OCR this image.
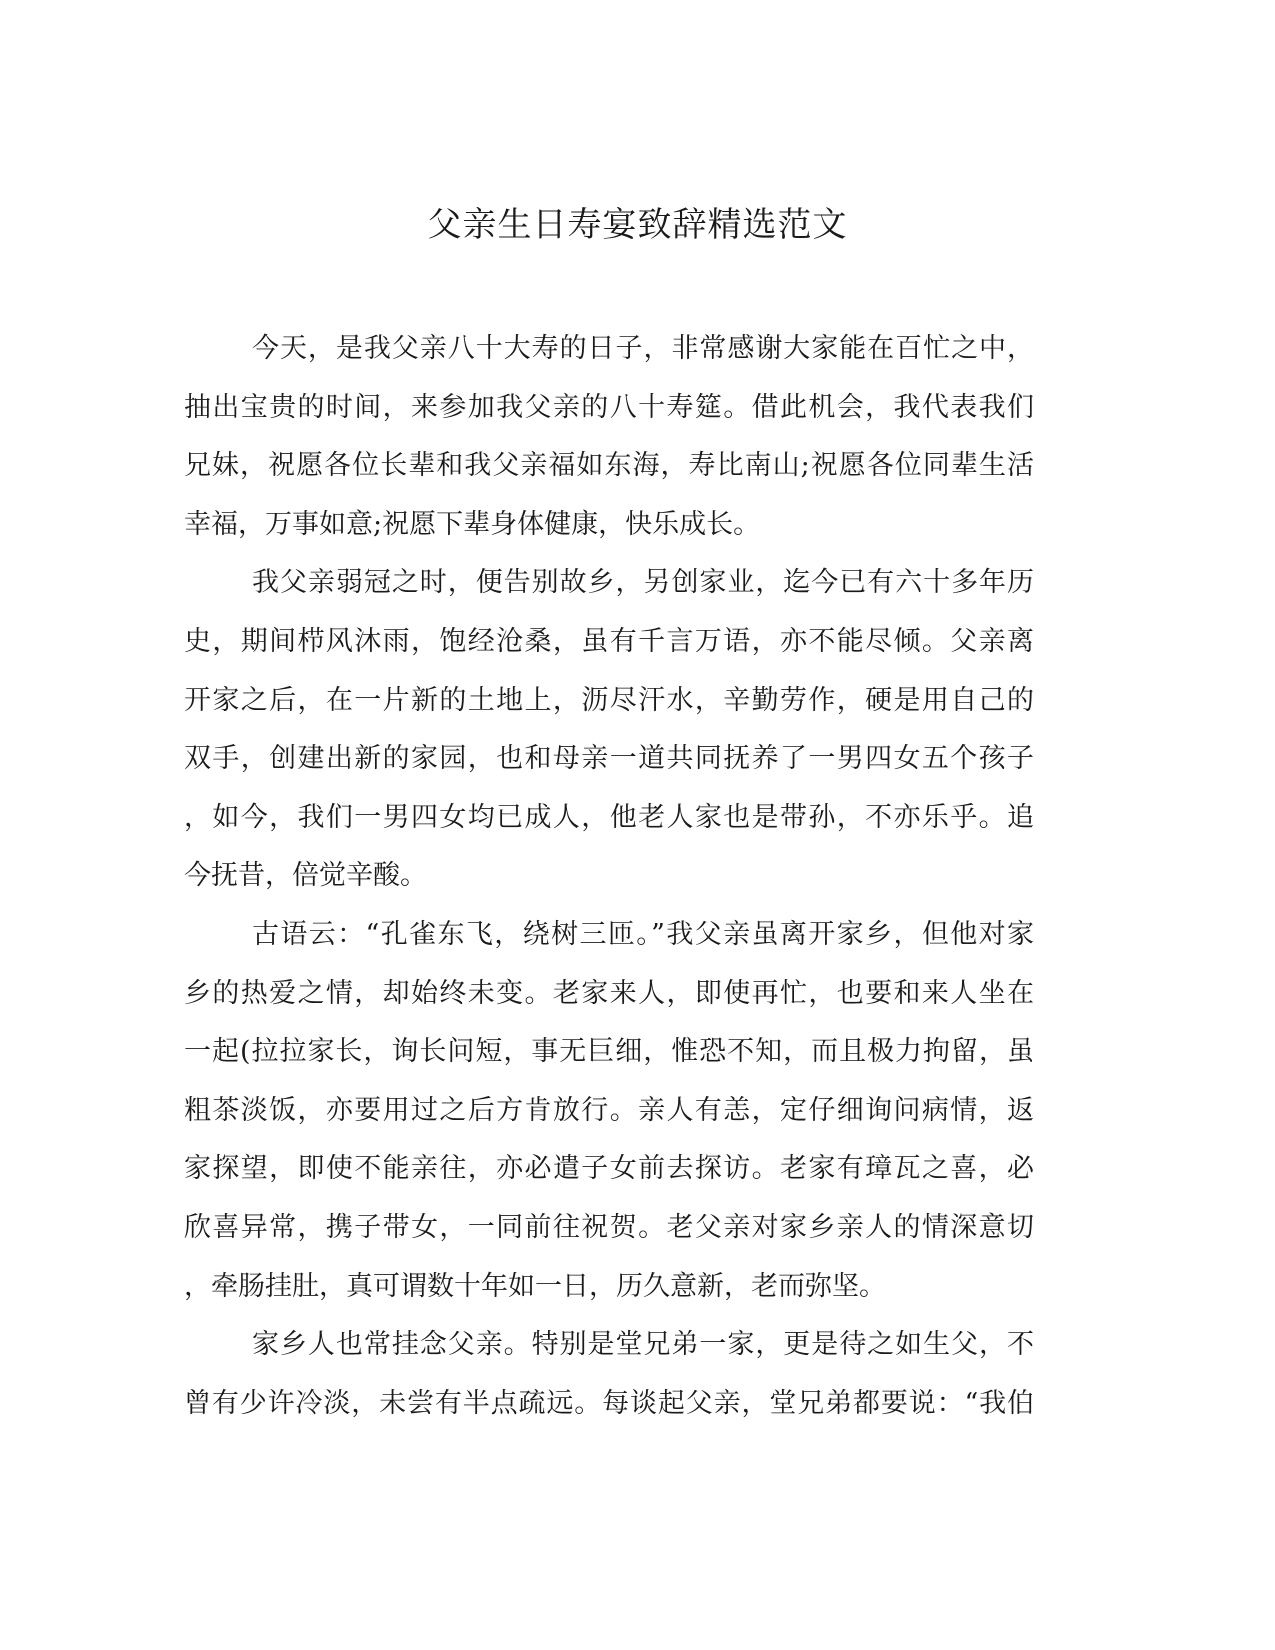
父亲生日寿宴致辞精选范文
今天，是我父亲八十大寿的日子，非常感谢大家能在百忙之中，
抽出宝贵的时间，来参加我父亲的八十寿筵。借此机会，我代表我们
兄妹，祝愿各位长辈和我父亲福如东海，寿比南山;祝愿各位同辈生活
幸福，万事如意;祝愿下辈身体健康，快乐成长。
我父亲弱冠之时，便告别故乡，另创家业，迄今已有六十多年历
史，期间栉风沐雨，饱经沧桑，虽有千言万语，亦不能尽倾。父亲离
开家之后，在一片新的土地上，沥尽汗水，辛勤劳作，硬是用自己的
双手，创建出新的家园，也和母亲一道共同抚养了一男四女五个孩子
，如今，我们一男四女均已成人，他老人家也是带孙，不亦乐乎。追
今抚昔，倍觉辛酸。
古语云：“孔雀东飞，绕树三匝。”我父亲虽离开家乡，但他对家
乡的热爱之情，却始终未变。老家来人，即使再忙，也要和来人坐在
一起(拉拉家长，询长问短，事无巨细，惟恐不知，而且极力拘留，虽
粗茶淡饭，亦要用过之后方肯放行。亲人有恙，定仔细询问病情，返
家探望，即使不能亲往，亦必遣子女前去探访。老家有璋瓦之喜，必
欣喜异常，携子带女，一同前往祝贺。老父亲对家乡亲人的情深意切
，牵肠挂肚，真可谓数十年如一日，历久意新，老而弥坚。
家乡人也常挂念父亲。特别是堂兄弟一家，更是待之如生父，不
曾有少许冷淡，未尝有半点疏远。每谈起父亲，堂兄弟都要说：“我伯
